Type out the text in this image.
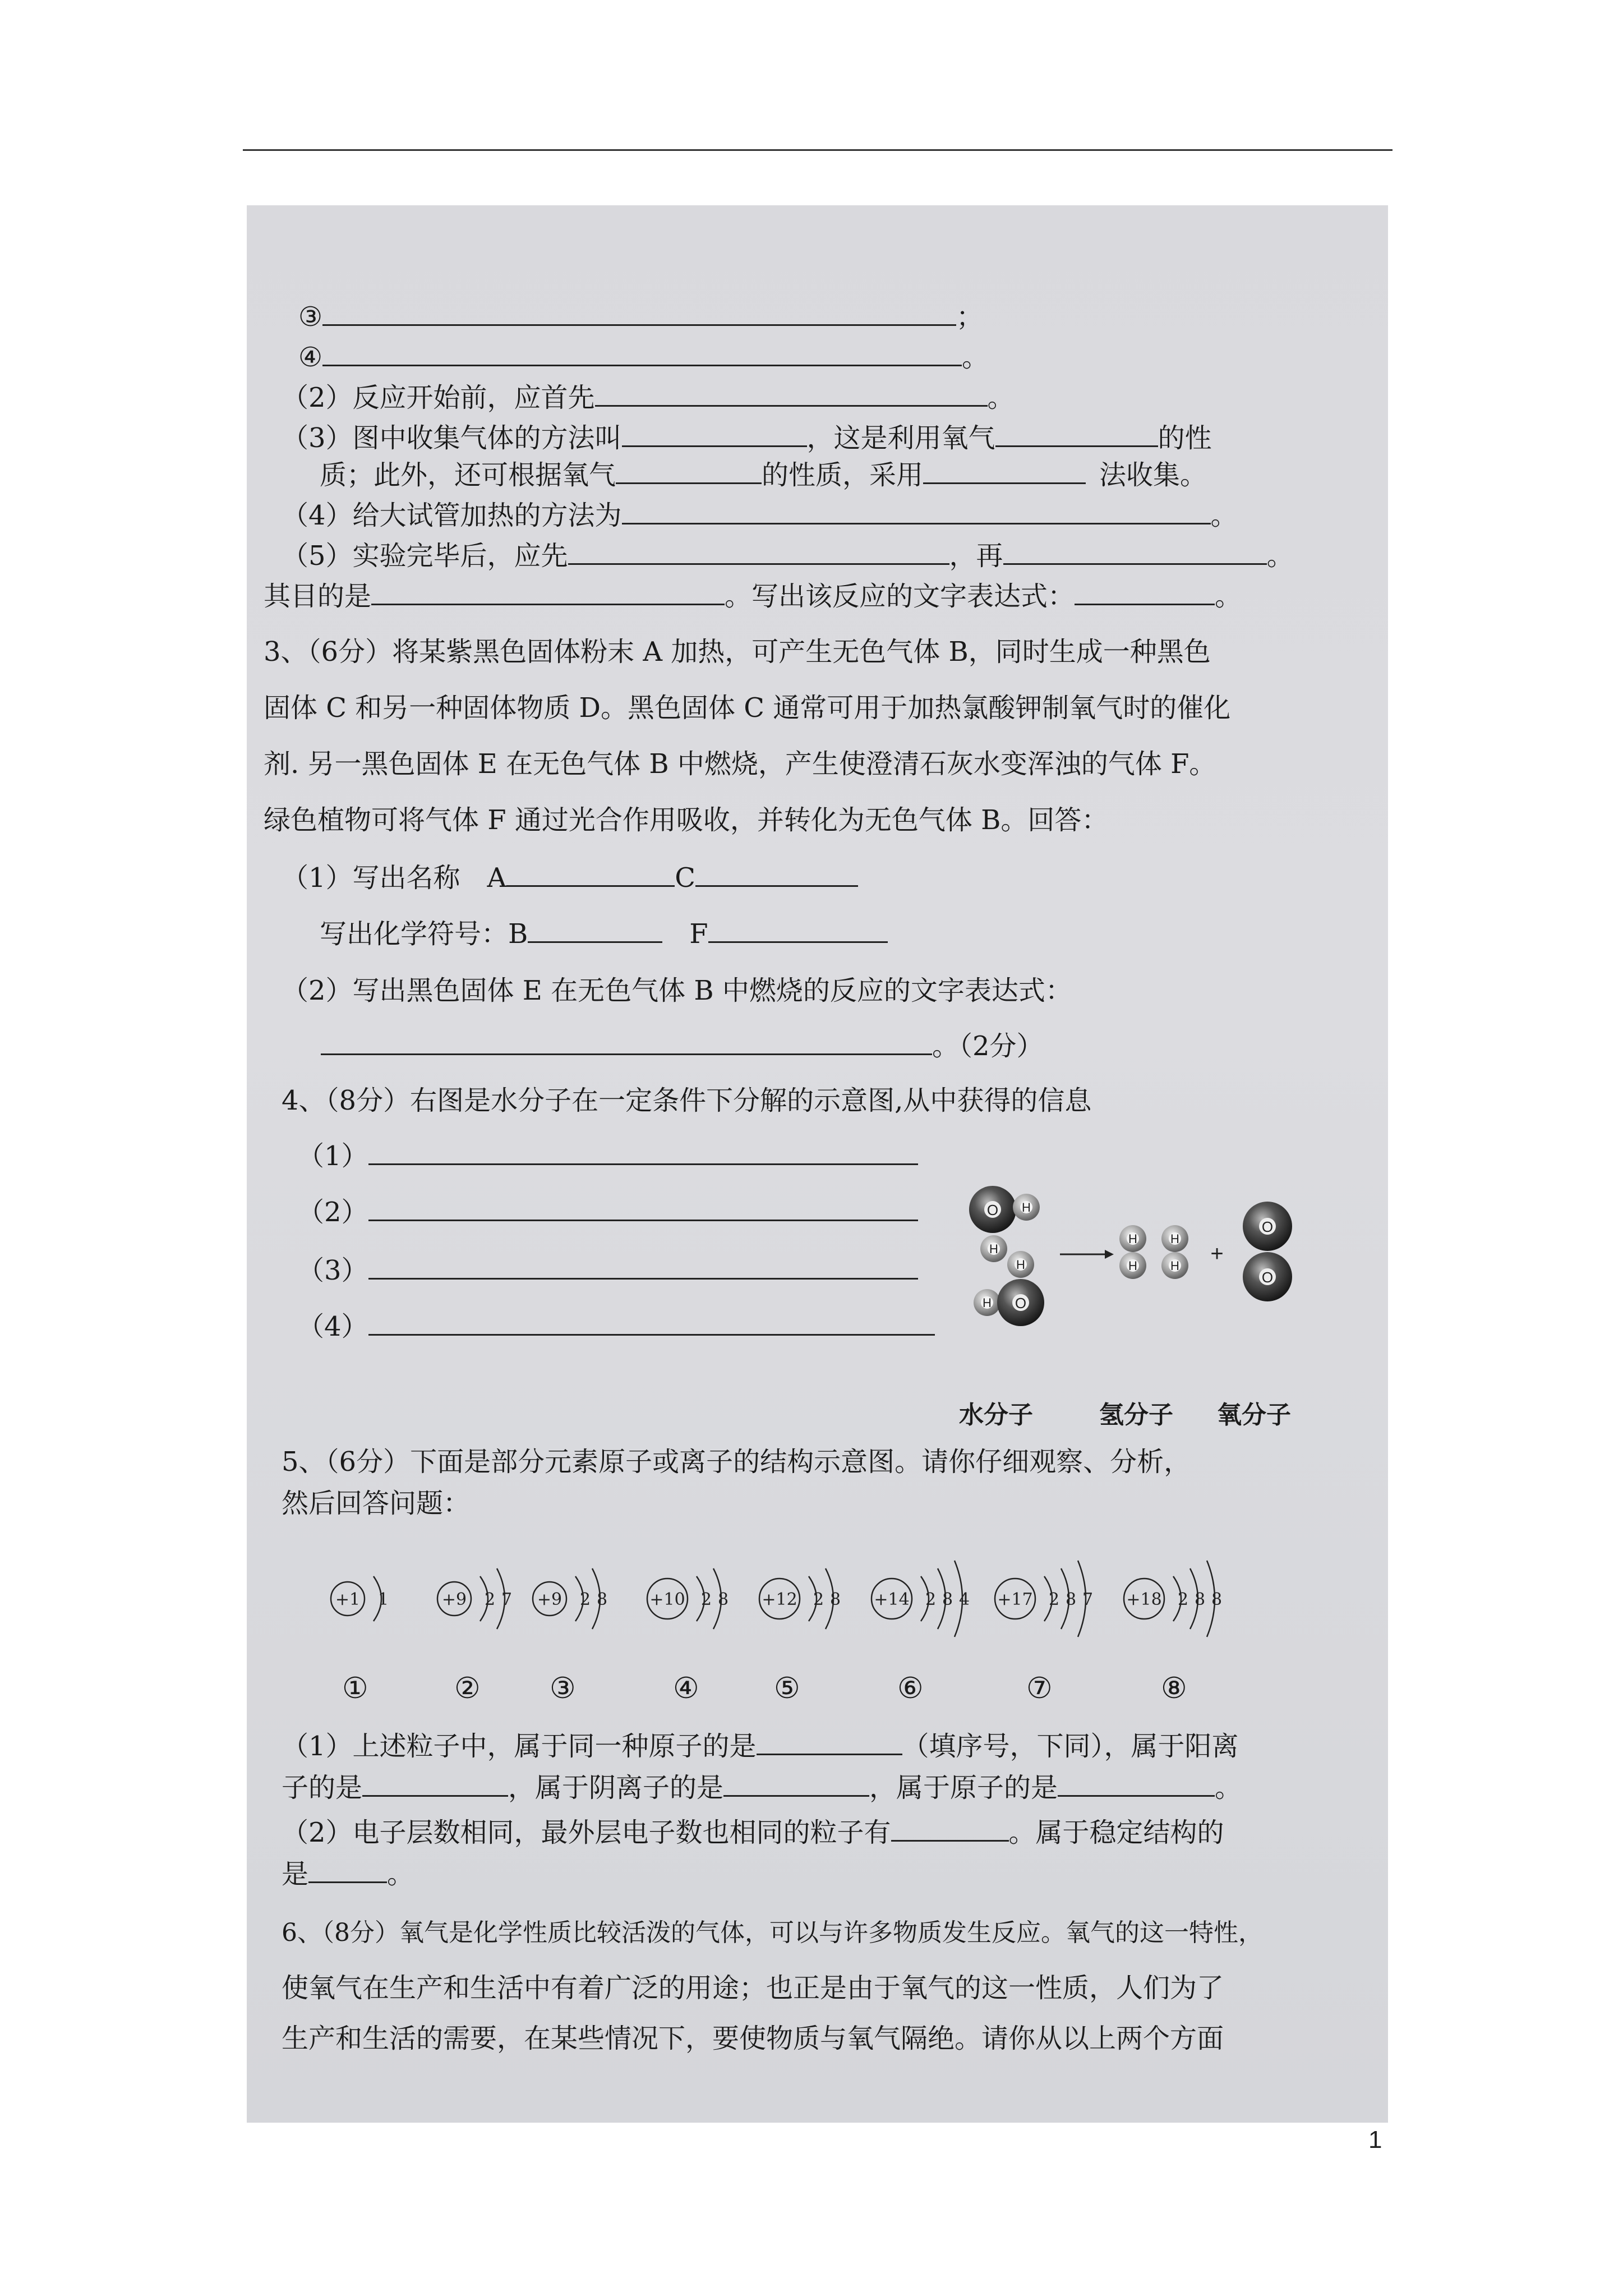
③	；
④	。
（2）反应开始前，应首先	。
（3）图中收集气体的方法叫	，这是利用氧气	的性
质；此外，还可根据氧气	的性质，采用	法收集。
（4）给大试管加热的方法为	。
（5）实验完毕后，应先	，再	。
其目的是	。写出该反应的文字表达式：	。
3、（6分）将某紫黑色固体粉末 A 加热，可产生无色气体 B，同时生成一种黑色
固体 C 和另一种固体物质 D。黑色固体 C 通常可用于加热氯酸钾制氧气时的催化
剂. 另一黑色固体 E 在无色气体 B 中燃烧，产生使澄清石灰水变浑浊的气体 F。
绿色植物可将气体 F 通过光合作用吸收，并转化为无色气体 B。回答：
（1）写出名称 A	C
写出化学符号：B	F
（2）写出黑色固体 E 在无色气体 B 中燃烧的反应的文字表达式：
。（2分）
4、（8分）右图是水分子在一定条件下分解的示意图,从中获得的信息
（1）
（2）
（3）
（4）
5、（6分）下面是部分元素原子或离子的结构示意图。请你仔细观察、分析，
然后回答问题：
（1）上述粒子中，属于同一种原子的是	（填序号，下同），属于阳离
子的是	，属于阴离子的是	，属于原子的是	。
（2）电子层数相同，最外层电子数也相同的粒子有	。属于稳定结构的
是	。
6、（8分）氧气是化学性质比较活泼的气体，可以与许多物质发生反应。氧气的这一特性，
使氧气在生产和生活中有着广泛的用途；也正是由于氧气的这一性质，人们为了
生产和生活的需要，在某些情况下，要使物质与氧气隔绝。请你从以上两个方面
O H
H
H
H O
H
H
H
H +
O
O
水分子	氢分子 氧分子
+1 1	+9 2 7 +9 2 8	+10 2 8 +12 2 8 +14 2 8 4 +17 2 8 7 +18 2 8 8
①	② ③	④	⑤	⑥	⑦	⑧
1
